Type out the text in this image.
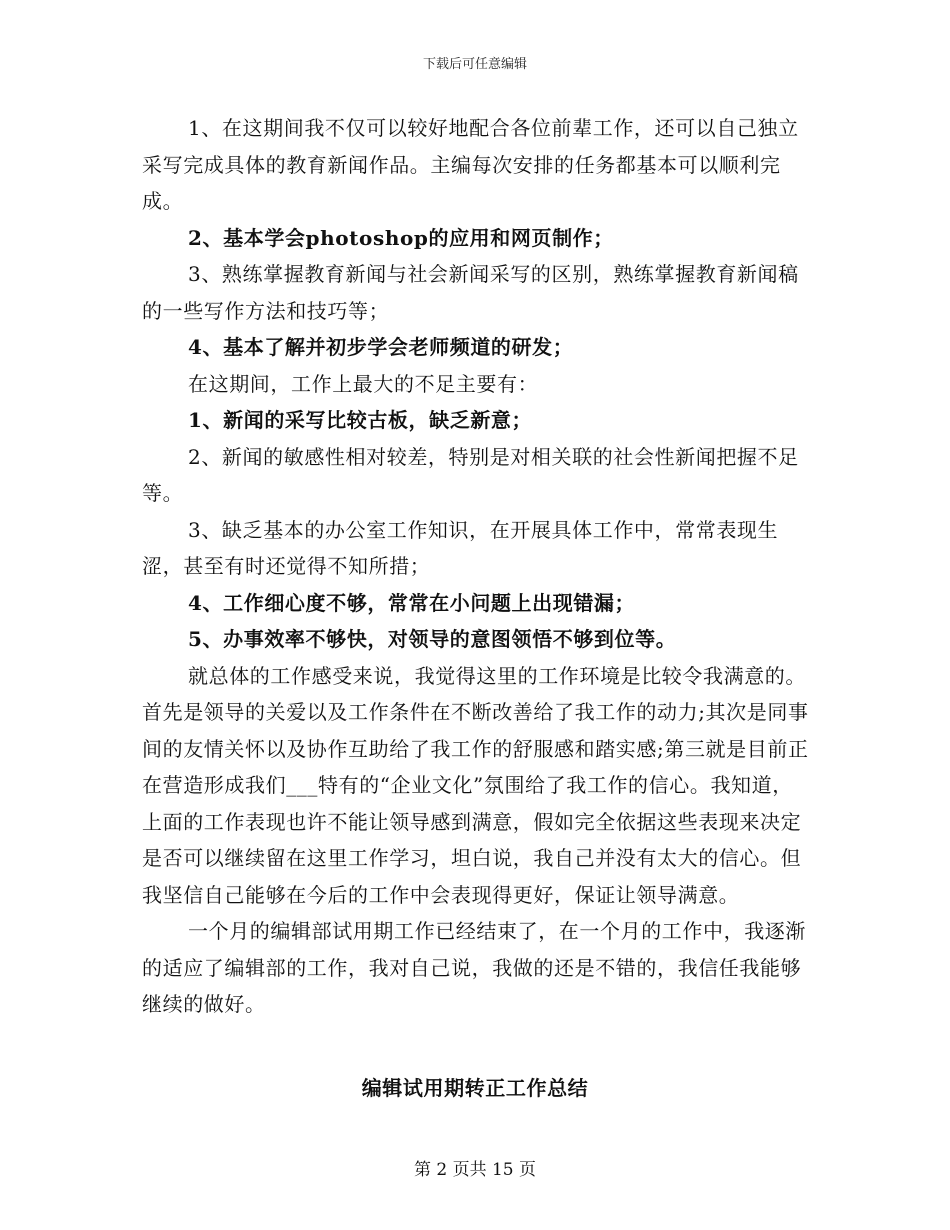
下载后可任意编辑

1、在这期间我不仅可以较好地配合各位前辈工作，还可以自己独立采写完成具体的教育新闻作品。主编每次安排的任务都基本可以顺利完成。

2、基本学会photoshop的应用和网页制作；

3、熟练掌握教育新闻与社会新闻采写的区别，熟练掌握教育新闻稿的一些写作方法和技巧等；

4、基本了解并初步学会老师频道的研发；

在这期间，工作上最大的不足主要有：

1、新闻的采写比较古板，缺乏新意；

2、新闻的敏感性相对较差，特别是对相关联的社会性新闻把握不足等。

3、缺乏基本的办公室工作知识，在开展具体工作中，常常表现生涩，甚至有时还觉得不知所措；

4、工作细心度不够，常常在小问题上出现错漏；

5、办事效率不够快，对领导的意图领悟不够到位等。

就总体的工作感受来说，我觉得这里的工作环境是比较令我满意的。首先是领导的关爱以及工作条件在不断改善给了我工作的动力;其次是同事间的友情关怀以及协作互助给了我工作的舒服感和踏实感;第三就是目前正在营造形成我们___特有的“企业文化”氛围给了我工作的信心。我知道，上面的工作表现也许不能让领导感到满意，假如完全依据这些表现来决定是否可以继续留在这里工作学习，坦白说，我自己并没有太大的信心。但我坚信自己能够在今后的工作中会表现得更好，保证让领导满意。

一个月的编辑部试用期工作已经结束了，在一个月的工作中，我逐渐的适应了编辑部的工作，我对自己说，我做的还是不错的，我信任我能够继续的做好。

编辑试用期转正工作总结
第 2 页共 15 页
